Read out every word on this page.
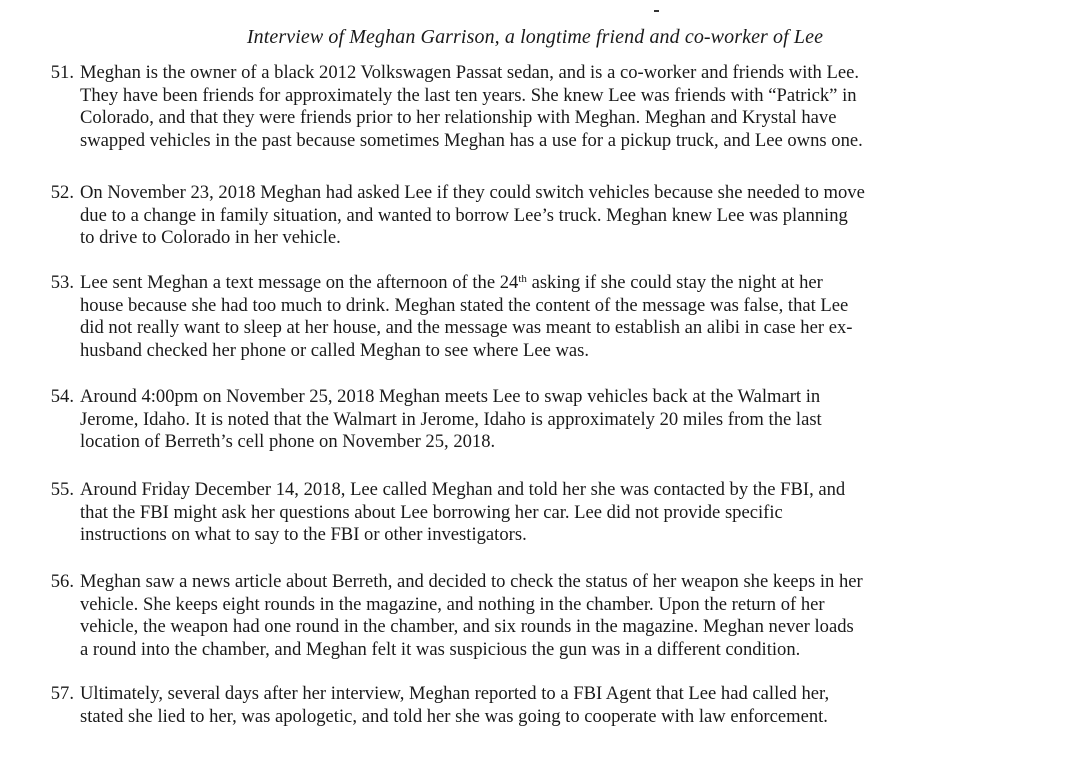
Interview of Meghan Garrison, a longtime friend and co-worker of Lee
51. Meghan is the owner of a black 2012 Volkswagen Passat sedan, and is a co-worker and friends with Lee.
They have been friends for approximately the last ten years. She knew Lee was friends with “Patrick” in
Colorado, and that they were friends prior to her relationship with Meghan. Meghan and Krystal have
swapped vehicles in the past because sometimes Meghan has a use for a pickup truck, and Lee owns one.
52. On November 23, 2018 Meghan had asked Lee if they could switch vehicles because she needed to move
due to a change in family situation, and wanted to borrow Lee’s truck. Meghan knew Lee was planning
to drive to Colorado in her vehicle.
53. Lee sent Meghan a text message on the afternoon of the 24th asking if she could stay the night at her
house because she had too much to drink. Meghan stated the content of the message was false, that Lee
did not really want to sleep at her house, and the message was meant to establish an alibi in case her ex-
husband checked her phone or called Meghan to see where Lee was.
54. Around 4:00pm on November 25, 2018 Meghan meets Lee to swap vehicles back at the Walmart in
Jerome, Idaho. It is noted that the Walmart in Jerome, Idaho is approximately 20 miles from the last
location of Berreth’s cell phone on November 25, 2018.
55. Around Friday December 14, 2018, Lee called Meghan and told her she was contacted by the FBI, and
that the FBI might ask her questions about Lee borrowing her car. Lee did not provide specific
instructions on what to say to the FBI or other investigators.
56. Meghan saw a news article about Berreth, and decided to check the status of her weapon she keeps in her
vehicle. She keeps eight rounds in the magazine, and nothing in the chamber. Upon the return of her
vehicle, the weapon had one round in the chamber, and six rounds in the magazine. Meghan never loads
a round into the chamber, and Meghan felt it was suspicious the gun was in a different condition.
57. Ultimately, several days after her interview, Meghan reported to a FBI Agent that Lee had called her,
stated she lied to her, was apologetic, and told her she was going to cooperate with law enforcement.
